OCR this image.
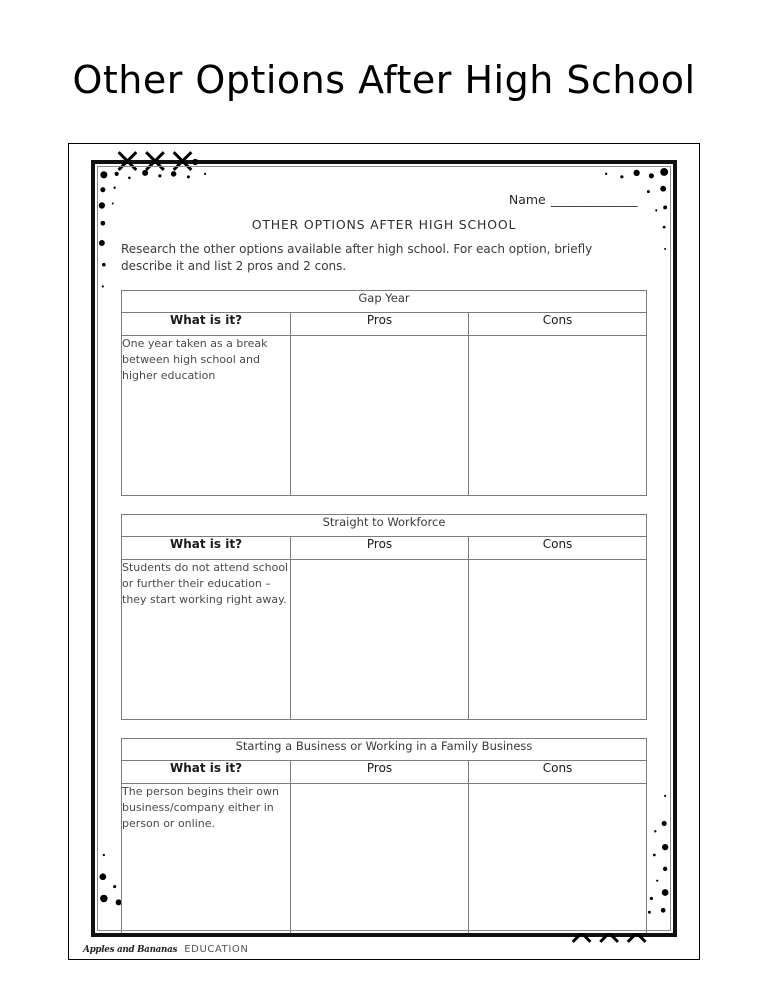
Other Options After High School
Name _______________
OTHER OPTIONS AFTER HIGH SCHOOL
Research the other options available after high school. For each option, briefly describe it and list 2 pros and 2 cons.
Gap Year		
What is it?	Pros	Cons

One year taken as a break between high school and higher education		

Straight to Workforce		
What is it?	Pros	Cons

Students do not attend school or further their education – they start working right away.		

Starting a Business or Working in a Family Business		
What is it?	Pros	Cons

The person begins their own business/company either in person or online.		

Apples and Bananas EDUCATION
